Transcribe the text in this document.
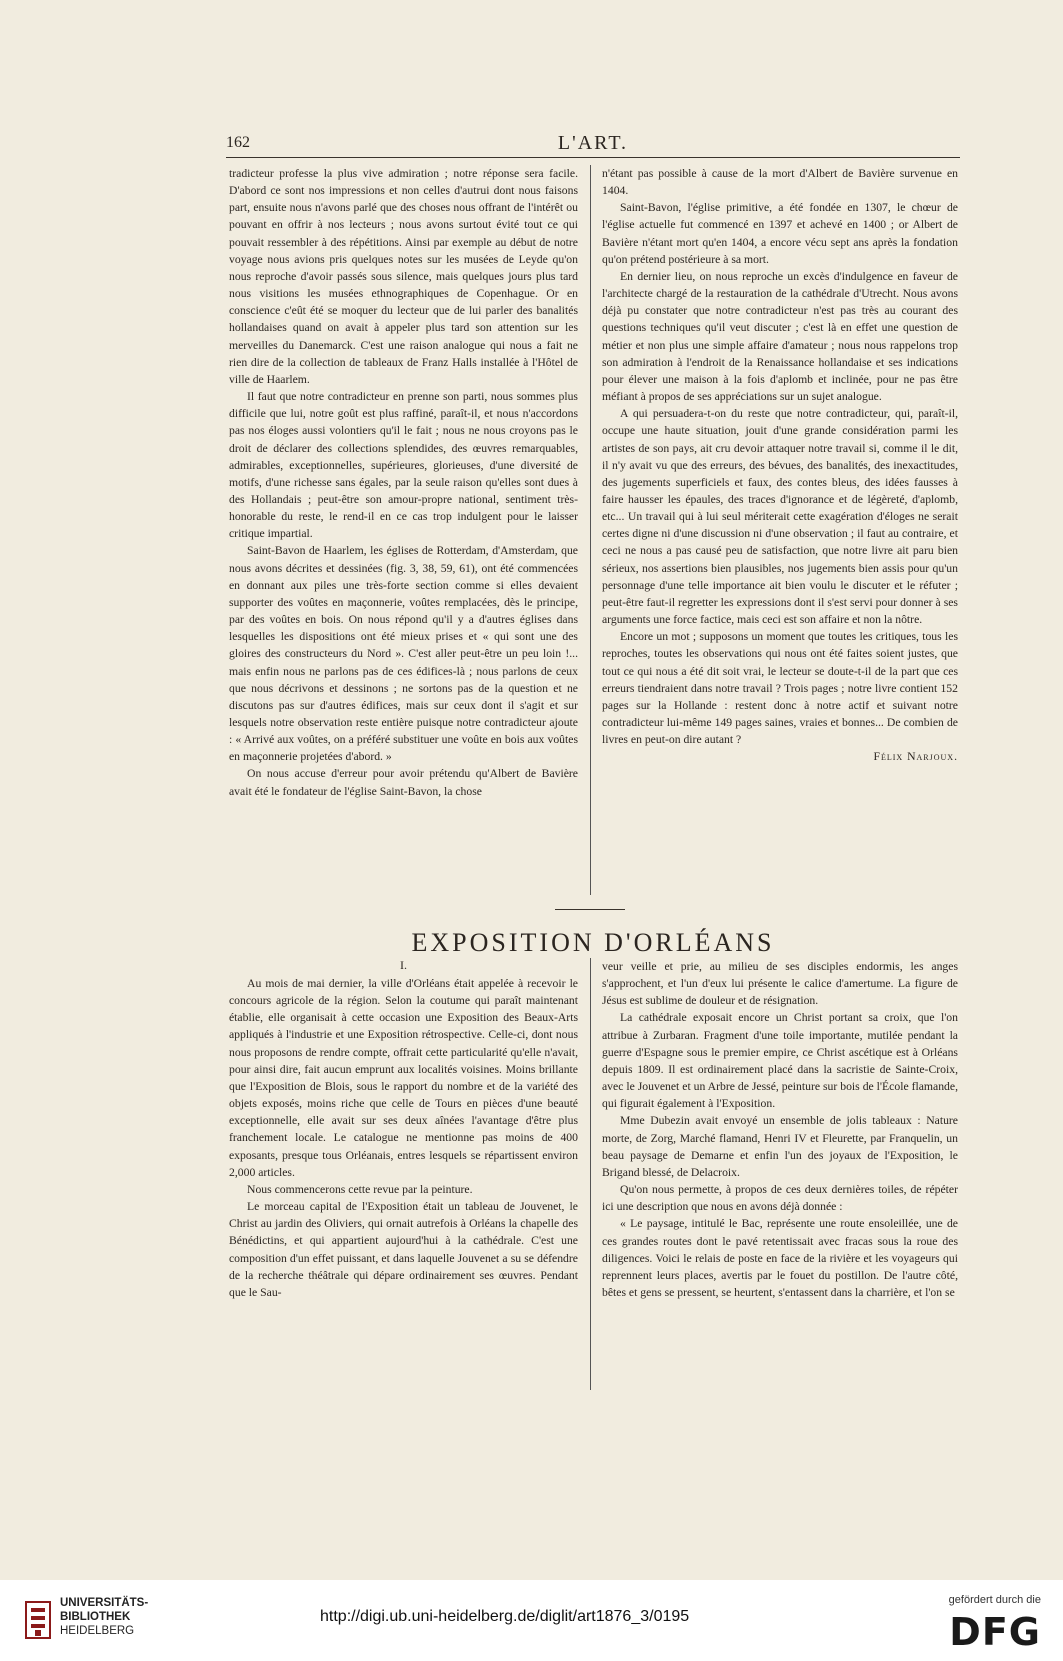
162	L'ART.

tradicteur professe la plus vive admiration ; notre réponse sera facile. D'abord ce sont nos impressions et non celles d'autrui dont nous faisons part, ensuite nous n'avons parlé que des choses nous offrant de l'intérêt ou pouvant en offrir à nos lecteurs ; nous avons surtout évité tout ce qui pouvait ressembler à des répétitions. Ainsi par exemple au début de notre voyage nous avions pris quelques notes sur les musées de Leyde qu'on nous reproche d'avoir passés sous silence, mais quelques jours plus tard nous visitions les musées ethnographiques de Copenhague. Or en conscience c'eût été se moquer du lecteur que de lui parler des banalités hollandaises quand on avait à appeler plus tard son attention sur les merveilles du Danemarck. C'est une raison analogue qui nous a fait ne rien dire de la collection de tableaux de Franz Halls installée à l'Hôtel de ville de Haarlem.

Il faut que notre contradicteur en prenne son parti, nous sommes plus difficile que lui, notre goût est plus raffiné, paraît-il, et nous n'accordons pas nos éloges aussi volontiers qu'il le fait ; nous ne nous croyons pas le droit de déclarer des collections splendides, des œuvres remarquables, admirables, exceptionnelles, supérieures, glorieuses, d'une diversité de motifs, d'une richesse sans égales, par la seule raison qu'elles sont dues à des Hollandais ; peut-être son amour-propre national, sentiment très-honorable du reste, le rend-il en ce cas trop indulgent pour le laisser critique impartial.

Saint-Bavon de Haarlem, les églises de Rotterdam, d'Amsterdam, que nous avons décrites et dessinées (fig. 3, 38, 59, 61), ont été commencées en donnant aux piles une très-forte section comme si elles devaient supporter des voûtes en maçonnerie, voûtes remplacées, dès le principe, par des voûtes en bois. On nous répond qu'il y a d'autres églises dans lesquelles les dispositions ont été mieux prises et « qui sont une des gloires des constructeurs du Nord ». C'est aller peut-être un peu loin !... mais enfin nous ne parlons pas de ces édifices-là ; nous parlons de ceux que nous décrivons et dessinons ; ne sortons pas de la question et ne discutons pas sur d'autres édifices, mais sur ceux dont il s'agit et sur lesquels notre observation reste entière puisque notre contradicteur ajoute : « Arrivé aux voûtes, on a préféré substituer une voûte en bois aux voûtes en maçonnerie projetées d'abord. »

On nous accuse d'erreur pour avoir prétendu qu'Albert de Bavière avait été le fondateur de l'église Saint-Bavon, la chose

n'étant pas possible à cause de la mort d'Albert de Bavière survenue en 1404.

Saint-Bavon, l'église primitive, a été fondée en 1307, le chœur de l'église actuelle fut commencé en 1397 et achevé en 1400 ; or Albert de Bavière n'étant mort qu'en 1404, a encore vécu sept ans après la fondation qu'on prétend postérieure à sa mort.

En dernier lieu, on nous reproche un excès d'indulgence en faveur de l'architecte chargé de la restauration de la cathédrale d'Utrecht. Nous avons déjà pu constater que notre contradicteur n'est pas très au courant des questions techniques qu'il veut discuter ; c'est là en effet une question de métier et non plus une simple affaire d'amateur ; nous nous rappelons trop son admiration à l'endroit de la Renaissance hollandaise et ses indications pour élever une maison à la fois d'aplomb et inclinée, pour ne pas être méfiant à propos de ses appréciations sur un sujet analogue.

A qui persuadera-t-on du reste que notre contradicteur, qui, paraît-il, occupe une haute situation, jouit d'une grande considération parmi les artistes de son pays, ait cru devoir attaquer notre travail si, comme il le dit, il n'y avait vu que des erreurs, des bévues, des banalités, des inexactitudes, des jugements superficiels et faux, des contes bleus, des idées fausses à faire hausser les épaules, des traces d'ignorance et de légèreté, d'aplomb, etc... Un travail qui à lui seul mériterait cette exagération d'éloges ne serait certes digne ni d'une discussion ni d'une observation ; il faut au contraire, et ceci ne nous a pas causé peu de satisfaction, que notre livre ait paru bien sérieux, nos assertions bien plausibles, nos jugements bien assis pour qu'un personnage d'une telle importance ait bien voulu le discuter et le réfuter ; peut-être faut-il regretter les expressions dont il s'est servi pour donner à ses arguments une force factice, mais ceci est son affaire et non la nôtre.

Encore un mot ; supposons un moment que toutes les critiques, tous les reproches, toutes les observations qui nous ont été faites soient justes, que tout ce qui nous a été dit soit vrai, le lecteur se doute-t-il de la part que ces erreurs tiendraient dans notre travail ? Trois pages ; notre livre contient 152 pages sur la Hollande : restent donc à notre actif et suivant notre contradicteur lui-même 149 pages saines, vraies et bonnes... De combien de livres en peut-on dire autant ?

Félix Narjoux.

EXPOSITION D'ORLÉANS
I.

Au mois de mai dernier, la ville d'Orléans était appelée à recevoir le concours agricole de la région. Selon la coutume qui paraît maintenant établie, elle organisait à cette occasion une Exposition des Beaux-Arts appliqués à l'industrie et une Exposition rétrospective. Celle-ci, dont nous nous proposons de rendre compte, offrait cette particularité qu'elle n'avait, pour ainsi dire, fait aucun emprunt aux localités voisines. Moins brillante que l'Exposition de Blois, sous le rapport du nombre et de la variété des objets exposés, moins riche que celle de Tours en pièces d'une beauté exceptionnelle, elle avait sur ses deux aînées l'avantage d'être plus franchement locale. Le catalogue ne mentionne pas moins de 400 exposants, presque tous Orléanais, entres lesquels se répartissent environ 2,000 articles.

Nous commencerons cette revue par la peinture.

Le morceau capital de l'Exposition était un tableau de Jouvenet, le Christ au jardin des Oliviers, qui ornait autrefois à Orléans la chapelle des Bénédictins, et qui appartient aujourd'hui à la cathédrale. C'est une composition d'un effet puissant, et dans laquelle Jouvenet a su se défendre de la recherche théâtrale qui dépare ordinairement ses œuvres. Pendant que le Sau-

veur veille et prie, au milieu de ses disciples endormis, les anges s'approchent, et l'un d'eux lui présente le calice d'amertume. La figure de Jésus est sublime de douleur et de résignation.

La cathédrale exposait encore un Christ portant sa croix, que l'on attribue à Zurbaran. Fragment d'une toile importante, mutilée pendant la guerre d'Espagne sous le premier empire, ce Christ ascétique est à Orléans depuis 1809. Il est ordinairement placé dans la sacristie de Sainte-Croix, avec le Jouvenet et un Arbre de Jessé, peinture sur bois de l'École flamande, qui figurait également à l'Exposition.

Mme Dubezin avait envoyé un ensemble de jolis tableaux : Nature morte, de Zorg, Marché flamand, Henri IV et Fleurette, par Franquelin, un beau paysage de Demarne et enfin l'un des joyaux de l'Exposition, le Brigand blessé, de Delacroix.

Qu'on nous permette, à propos de ces deux dernières toiles, de répéter ici une description que nous en avons déjà donnée :

« Le paysage, intitulé le Bac, représente une route ensoleillée, une de ces grandes routes dont le pavé retentissait avec fracas sous la roue des diligences. Voici le relais de poste en face de la rivière et les voyageurs qui reprennent leurs places, avertis par le fouet du postillon. De l'autre côté, bêtes et gens se pressent, se heurtent, s'entassent dans la charrière, et l'on se

UNIVERSITÄTS-
BIBLIOTHEK
HEIDELBERG
http://digi.ub.uni-heidelberg.de/diglit/art1876_3/0195
gefördert durch die
DFG
